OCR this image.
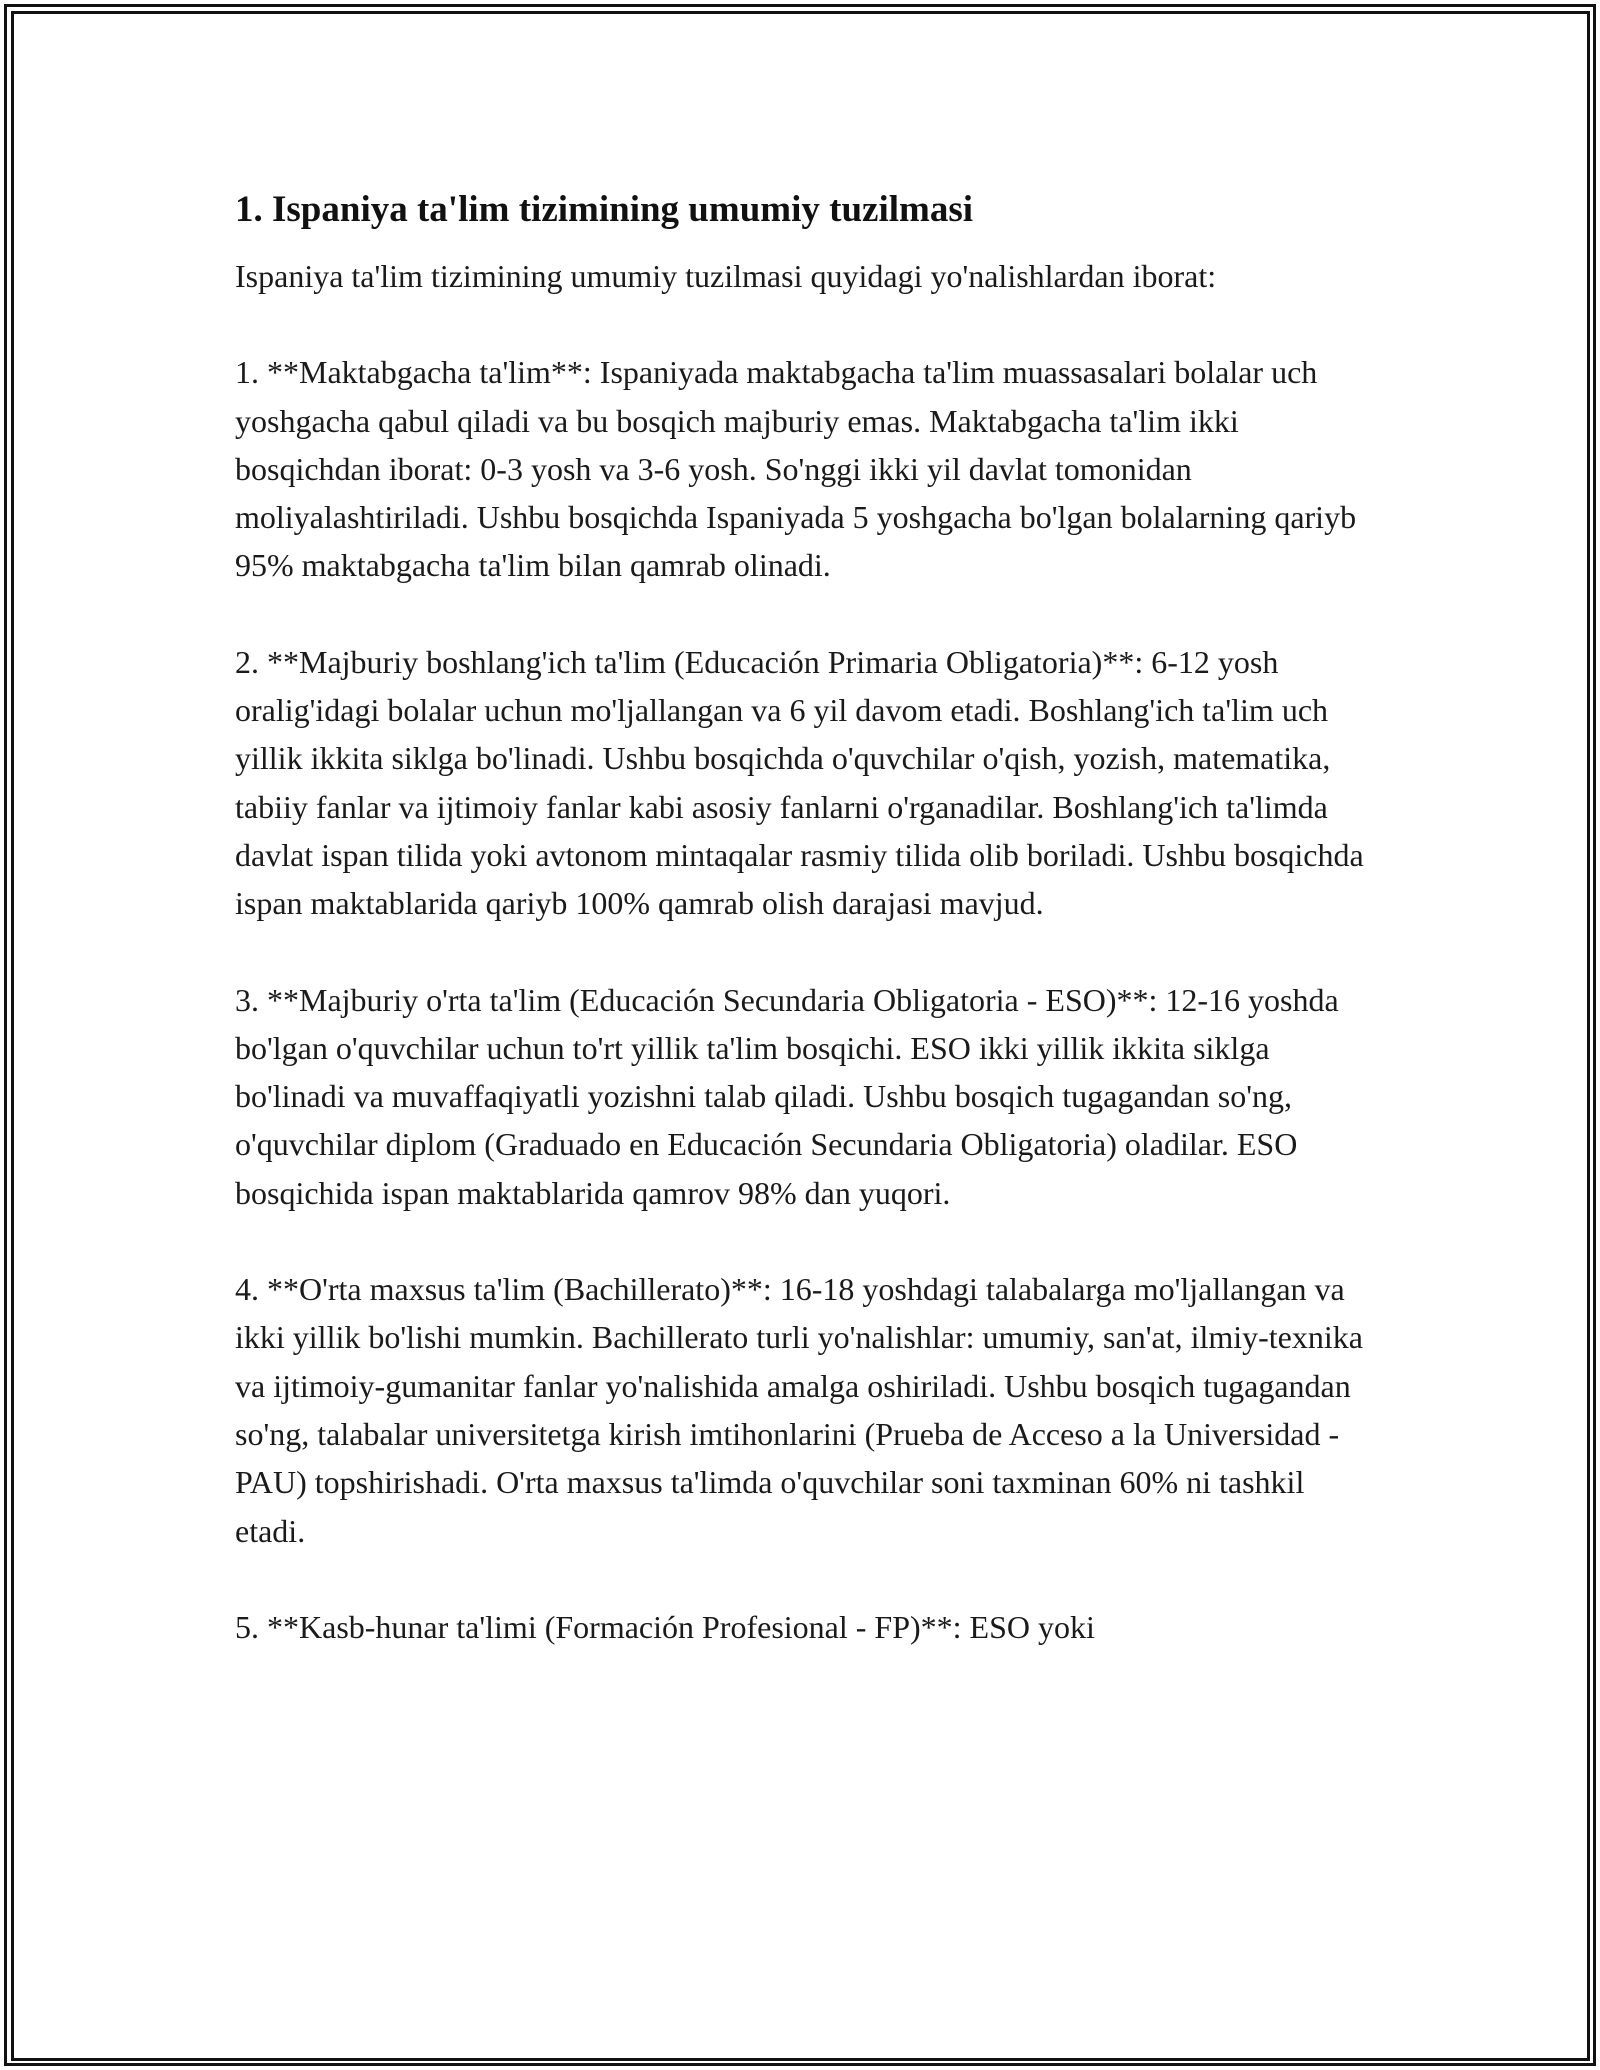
1. Ispaniya ta'lim tizimining umumiy tuzilmasi

Ispaniya ta'lim tizimining umumiy tuzilmasi quyidagi yo'nalishlardan iborat:

1. **Maktabgacha ta'lim**: Ispaniyada maktabgacha ta'lim muassasalari bolalar uch yoshgacha qabul qiladi va bu bosqich majburiy emas. Maktabgacha ta'lim ikki bosqichdan iborat: 0-3 yosh va 3-6 yosh. So'nggi ikki yil davlat tomonidan moliyalashtiriladi. Ushbu bosqichda Ispaniyada 5 yoshgacha bo'lgan bolalarning qariyb 95% maktabgacha ta'lim bilan qamrab olinadi.

2. **Majburiy boshlang'ich ta'lim (Educación Primaria Obligatoria)**: 6-12 yosh oralig'idagi bolalar uchun mo'ljallangan va 6 yil davom etadi. Boshlang'ich ta'lim uch yillik ikkita siklga bo'linadi. Ushbu bosqichda o'quvchilar o'qish, yozish, matematika, tabiiy fanlar va ijtimoiy fanlar kabi asosiy fanlarni o'rganadilar. Boshlang'ich ta'limda davlat ispan tilida yoki avtonom mintaqalar rasmiy tilida olib boriladi. Ushbu bosqichda ispan maktablarida qariyb 100% qamrab olish darajasi mavjud.

3. **Majburiy o'rta ta'lim (Educación Secundaria Obligatoria - ESO)**: 12-16 yoshda bo'lgan o'quvchilar uchun to'rt yillik ta'lim bosqichi. ESO ikki yillik ikkita siklga bo'linadi va muvaffaqiyatli yozishni talab qiladi. Ushbu bosqich tugagandan so'ng, o'quvchilar diplom (Graduado en Educación Secundaria Obligatoria) oladilar. ESO bosqichida ispan maktablarida qamrov 98% dan yuqori.

4. **O'rta maxsus ta'lim (Bachillerato)**: 16-18 yoshdagi talabalarga mo'ljallangan va ikki yillik bo'lishi mumkin. Bachillerato turli yo'nalishlar: umumiy, san'at, ilmiy-texnika va ijtimoiy-gumanitar fanlar yo'nalishida amalga oshiriladi. Ushbu bosqich tugagandan so'ng, talabalar universitetga kirish imtihonlarini (Prueba de Acceso a la Universidad - PAU) topshirishadi. O'rta maxsus ta'limda o'quvchilar soni taxminan 60% ni tashkil etadi.

5. **Kasb-hunar ta'limi (Formación Profesional - FP)**: ESO yoki
